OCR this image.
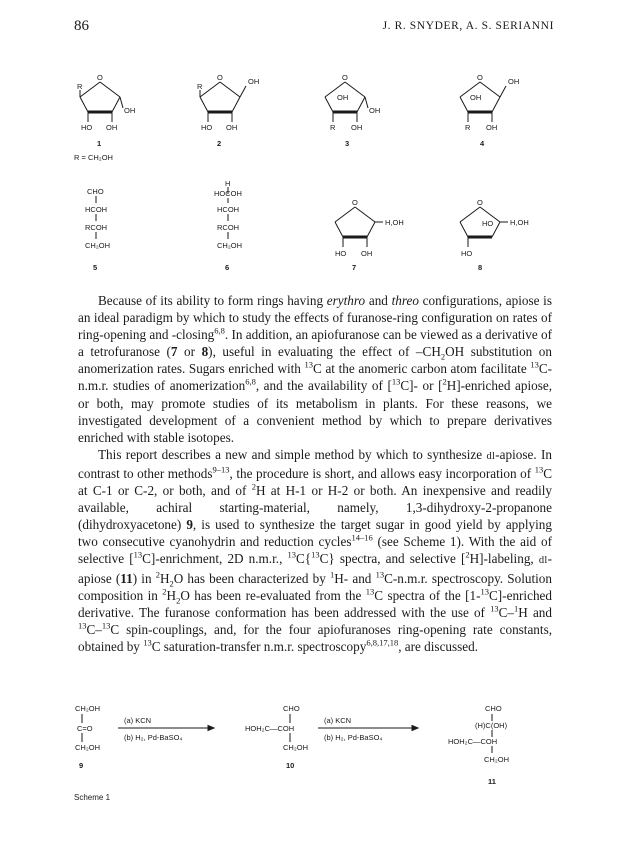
86	J. R. SNYDER, A. S. SERIANNI
O
R
OH
HO OH
O	OH
R
HO OH
O
OH
OH
R OH
O	OH
OH
R OH
R = CH₂OH
CHO
HCOH
RCOH
CH₂OH
H
HOCOH
HCOH
RCOH
CH₂OH
O
H,OH
HO OH
O
HO H,OH
HO
1	2	3	4
5	6	7	8

Because of its ability to form rings having erythro and threo configurations, apiose is an ideal paradigm by which to study the effects of furanose-ring configuration on rates of ring-opening and -closing$^{6,8}$. In addition, an apiofuranose can be viewed as a derivative of a tetrofuranose (7 or 8), useful in evaluating the effect of $-CH_2OH$ substitution on anomerization rates. Sugars enriched with $^{13}$C at the anomeric carbon atom facilitate $^{13}$C-n.m.r. studies of anomerization$^{6,8}$, and the availability of [$^{13}$C]- or [$^2$H]-enriched apiose, or both, may promote studies of its metabolism in plants. For these reasons, we investigated development of a convenient method by which to prepare derivatives enriched with stable isotopes.

This report describes a new and simple method by which to synthesize dl-apiose. In contrast to other methods$^{9-13}$, the procedure is short, and allows easy incorporation of $^{13}$C at C-1 or C-2, or both, and of $^2$H at H-1 or H-2 or both. An inexpensive and readily available, achiral starting-material, namely, 1,3-dihydroxy-2-propanone (dihydroxyacetone) 9, is used to synthesize the target sugar in good yield by applying two consecutive cyanohydrin and reduction cycles$^{14-16}$ (see Scheme 1). With the aid of selective [$^{13}$C]-enrichment, 2D n.m.r., $^{13}$C{$^{13}$C} spectra, and selective [$^2$H]-labeling, dl-apiose (11) in $^2H_2O$ has been characterized by $^1$H- and $^{13}$C-n.m.r. spectroscopy. Solution composition in $^2H_2O$ has been re-evaluated from the $^{13}$C spectra of the [1-$^{13}$C]-enriched derivative. The furanose conformation has been addressed with the use of $^{13}$C–$^1$H and $^{13}$C–$^{13}$C spin-couplings, and, for the four apiofuranoses ring-opening rate constants, obtained by $^{13}$C saturation-transfer n.m.r. spectroscopy$^{6,8,17,18}$, are discussed.

CH₂OH
C=O
CH₂OH
(a) KCN
(b) H₂, Pd-BaSO₄
CHO
HOH₂C—COH
CH₂OH
(a) KCN
(b) H₂, Pd-BaSO₄
CHO
(H)C(OH)
HOH₂C—COH
CH₂OH
9	10
11
Scheme 1
